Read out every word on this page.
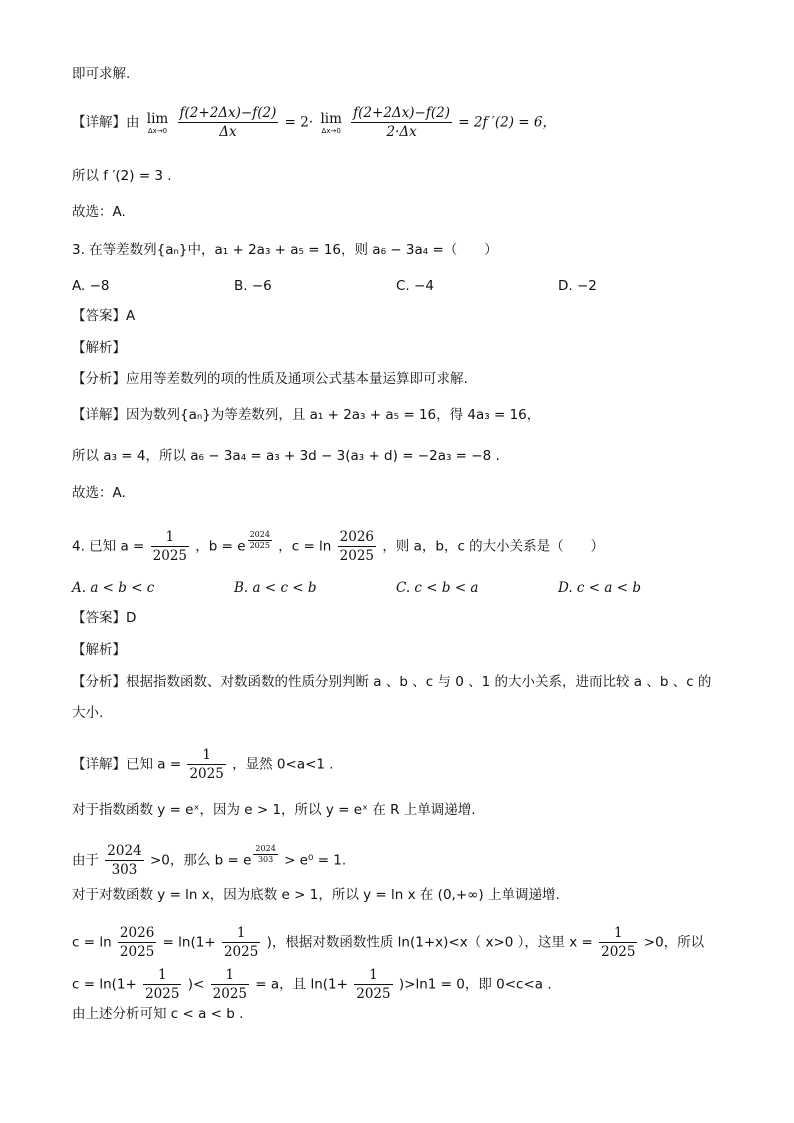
即可求解.
【详解】由 lim
Δx→0
$\frac{f(2+2\Delta x)-f(2)}{\Delta x} = 2\cdot \lim$
Δx→0
$\frac{f(2+2\Delta x)-f(2)}{2\cdot\Delta x} = 2f$ ′(2) = 6，
所以 f ′(2) = 3 .
故选：A.
3. 在等差数列{aₙ}中，a₁ + 2a₃ + a₅ = 16，则 a₆ − 3a₄ =（　　）
A. −8	B. −6	C. −4	D. −2
【答案】A
【解析】
【分析】应用等差数列的项的性质及通项公式基本量运算即可求解.
【详解】因为数列{aₙ}为等差数列，且 a₁ + 2a₃ + a₅ = 16，得 4a₃ = 16，
所以 a₃ = 4，所以 a₆ − 3a₄ = a₃ + 3d − 3(a₃ + d) = −2a₃ = −8 .
故选：A.
4. 已知 $a = \frac{1}{2025}$ ，b = e $^{\frac{2024}{2025}}$ ，$c = \ln \frac{2026}{2025}$ ，则 a，b，c 的大小关系是（　　）
A. a < b < c	B. a < c < b	C. c < b < a	D. c < a < b
【答案】D
【解析】
【分析】根据指数函数、对数函数的性质分别判断 a 、b 、c 与 0 、1 的大小关系，进而比较 a 、b 、c 的
大小.
【详解】已知 $a = \frac{1}{2025}$ ，显然 0<a<1 .
对于指数函数 y = eˣ，因为 e > 1，所以 y = eˣ 在 R 上单调递增.
由于 $\frac{2024}{303} >0$，那么 b = e $^{\frac{2024}{303}}$ > e⁰ = 1.
对于对数函数 y = ln x，因为底数 e > 1，所以 y = ln x 在 (0,+∞) 上单调递增.
$c = \ln \frac{2026}{2025} = \ln(1+ \frac{1}{2025}$ )，根据对数函数性质 ln(1+x)<x（ x>0 ），这里 $x = \frac{1}{2025} >0$，所以
$c = \ln(1+ \frac{1}{2025}$ )< $\frac{1}{2025} = a$，且 $\ln(1+ \frac{1}{2025} )>\ln 1 = 0$，即 0<c<a .
由上述分析可知 c < a < b .
